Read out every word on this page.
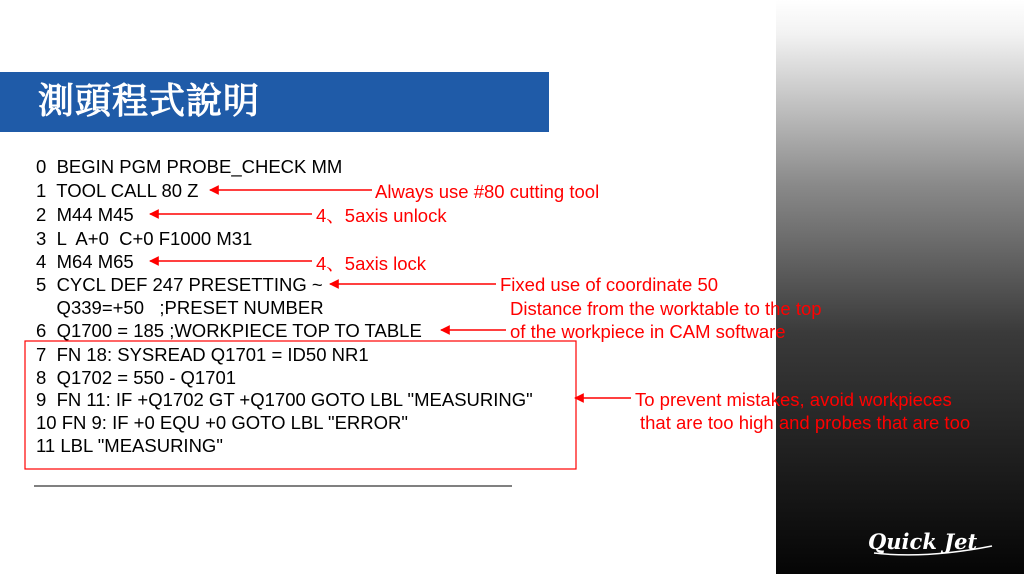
測頭程式說明
0  BEGIN PGM PROBE_CHECK MM
1  TOOL CALL 80 Z
2  M44 M45
3  L  A+0  C+0 F1000 M31
4  M64 M65
5  CYCL DEF 247 PRESETTING ~
Q339=+50   ;PRESET NUMBER
6  Q1700 = 185 ;WORKPIECE TOP TO TABLE
7  FN 18: SYSREAD Q1701 = ID50 NR1
8  Q1702 = 550 - Q1701
9  FN 11: IF +Q1702 GT +Q1700 GOTO LBL "MEASURING"
10 FN 9: IF +0 EQU +0 GOTO LBL "ERROR"
11 LBL "MEASURING"
Always use #80 cutting tool
4、5axis unlock
4、5axis lock
Fixed use of coordinate 50
Distance from the worktable to the top
of the workpiece in CAM software
To prevent mistakes, avoid workpieces
that are too high and probes that are too
Quick Jet
